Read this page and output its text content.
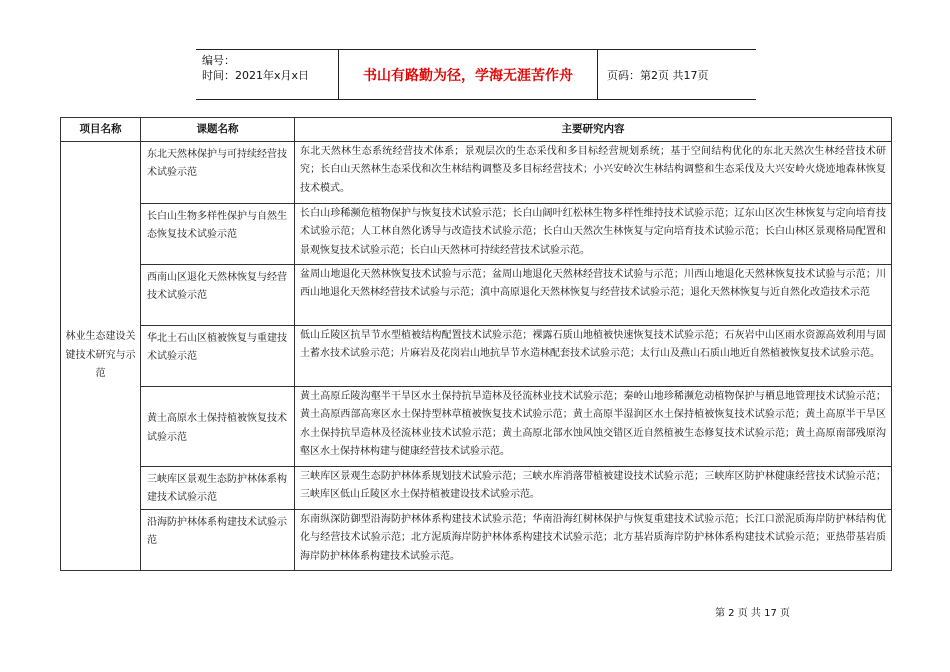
编号：
时间：2021年x月x日	书山有路勤为径，学海无涯苦作舟	页码：第2页 共17页
项目名称	课题名称	主要研究内容
林业生态建设关键技术研究与示范	东北天然林保护与可持续经营技术试验示范	东北天然林生态系统经营技术体系；景观层次的生态采伐和多目标经营规划系统；基于空间结构优化的东北天然次生林经营技术研究；长白山天然林生态采伐和次生林结构调整及多目标经营技术；小兴安岭次生林结构调整和生态采伐及大兴安岭火烧迹地森林恢复技术模式。
	长白山生物多样性保护与自然生态恢复技术试验示范	长白山珍稀濒危植物保护与恢复技术试验示范；长白山阔叶红松林生物多样性维持技术试验示范；辽东山区次生林恢复与定向培育技术试验示范；人工林自然化诱导与改造技术试验示范；长白山天然次生林恢复与定向培育技术试验示范；长白山林区景观格局配置和景观恢复技术试验示范；长白山天然林可持续经营技术试验示范。
	西南山区退化天然林恢复与经营技术试验示范	盆周山地退化天然林恢复技术试验与示范；盆周山地退化天然林经营技术试验与示范；川西山地退化天然林恢复技术试验与示范；川西山地退化天然林经营技术试验与示范；滇中高原退化天然林恢复与经营技术试验示范；退化天然林恢复与近自然化改造技术示范
	华北土石山区植被恢复与重建技术试验示范	低山丘陵区抗旱节水型植被结构配置技术试验示范；裸露石质山地植被快速恢复技术试验示范；石灰岩中山区雨水资源高效利用与固土蓄水技术试验示范；片麻岩及花岗岩山地抗旱节水造林配套技术试验示范；太行山及燕山石质山地近自然植被恢复技术试验示范。
	黄土高原水土保持植被恢复技术试验示范	黄土高原丘陵沟壑半干旱区水土保持抗旱造林及径流林业技术试验示范；秦岭山地珍稀濒危动植物保护与栖息地管理技术试验示范；黄土高原西部高寒区水土保持型林草植被恢复技术试验示范；黄土高原半湿润区水土保持植被恢复技术试验示范；黄土高原半干旱区水土保持抗旱造林及径流林业技术试验示范；黄土高原北部水蚀风蚀交错区近自然植被生态修复技术试验示范；黄土高原南部残原沟壑区水土保持林构建与健康经营技术试验示范。
	三峡库区景观生态防护林体系构建技术试验示范	三峡库区景观生态防护林体系规划技术试验示范；三峡水库消落带植被建设技术试验示范；三峡库区防护林健康经营技术试验示范；三峡库区低山丘陵区水土保持植被建设技术试验示范。
	沿海防护林体系构建技术试验示范	东南纵深防御型沿海防护林体系构建技术试验示范；华南沿海红树林保护与恢复重建技术试验示范；长江口淤泥质海岸防护林结构优化与经营技术试验示范；北方泥质海岸防护林体系构建技术试验示范；北方基岩质海岸防护林体系构建技术试验示范；亚热带基岩质海岸防护林体系构建技术试验示范。
第 2 页 共 17 页
